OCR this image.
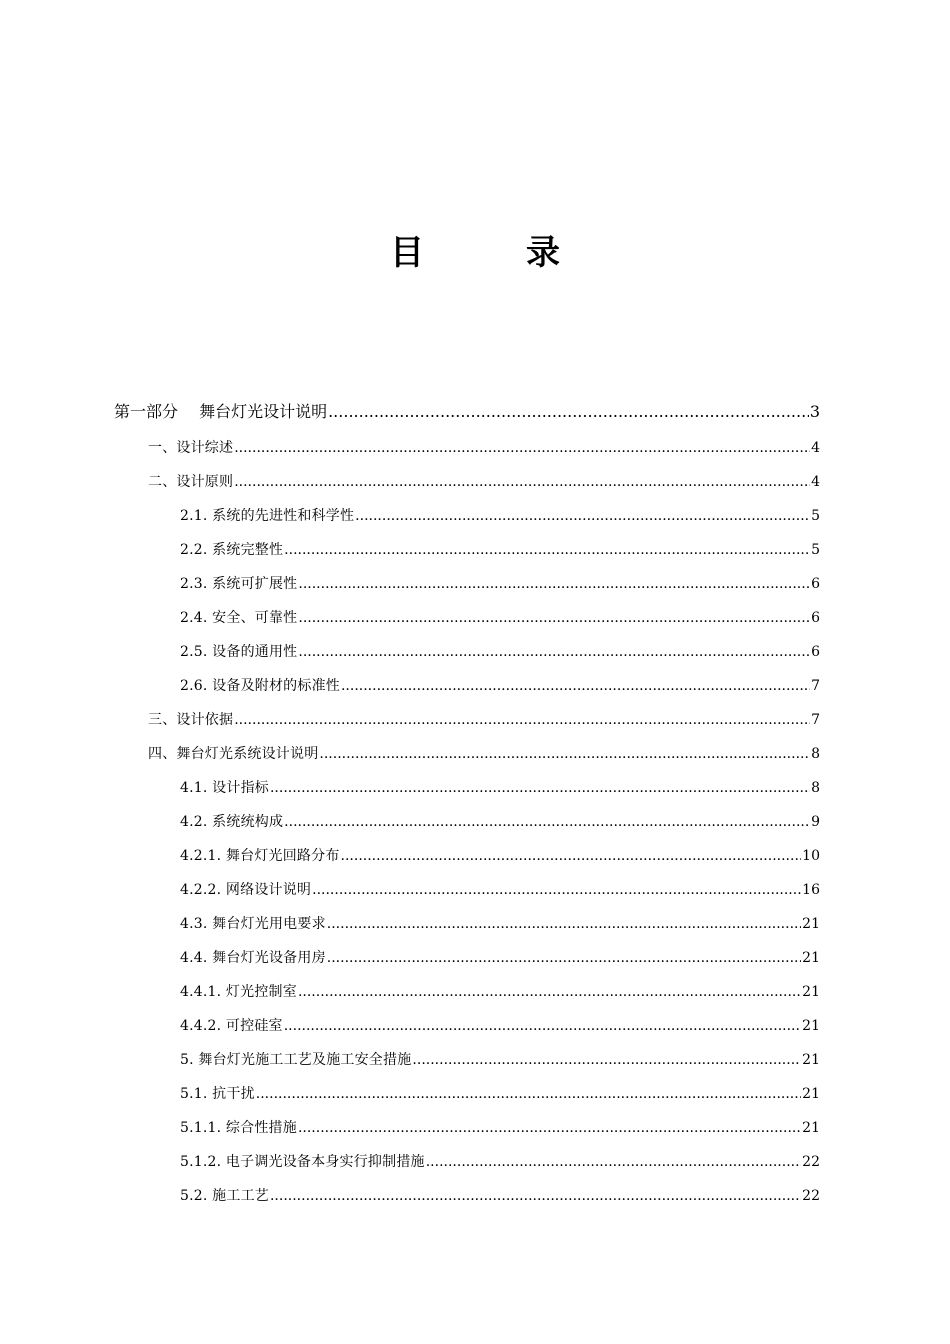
目　录
第一部分　 舞台灯光设计说明 .....	3
一、设计综述 .....	4
二、设计原则 .....	4
2.1. 系统的先进性和科学性 .....	5
2.2. 系统完整性 .....	5
2.3. 系统可扩展性 .....	6
2.4. 安全、可靠性 .....	6
2.5. 设备的通用性 .....	6
2.6. 设备及附材的标准性 .....	7
三、设计依据 .....	7
四、舞台灯光系统设计说明 .....	8
4.1. 设计指标 .....	8
4.2. 系统统构成 .....	9
4.2.1. 舞台灯光回路分布 .....	10
4.2.2. 网络设计说明 .....	16
4.3. 舞台灯光用电要求 .....	21
4.4. 舞台灯光设备用房 .....	21
4.4.1. 灯光控制室 .....	21
4.4.2. 可控硅室 .....	21
5. 舞台灯光施工工艺及施工安全措施 .....	21
5.1. 抗干扰 .....	21
5.1.1. 综合性措施 .....	21
5.1.2. 电子调光设备本身实行抑制措施 .....	22
5.2. 施工工艺 .....	22
